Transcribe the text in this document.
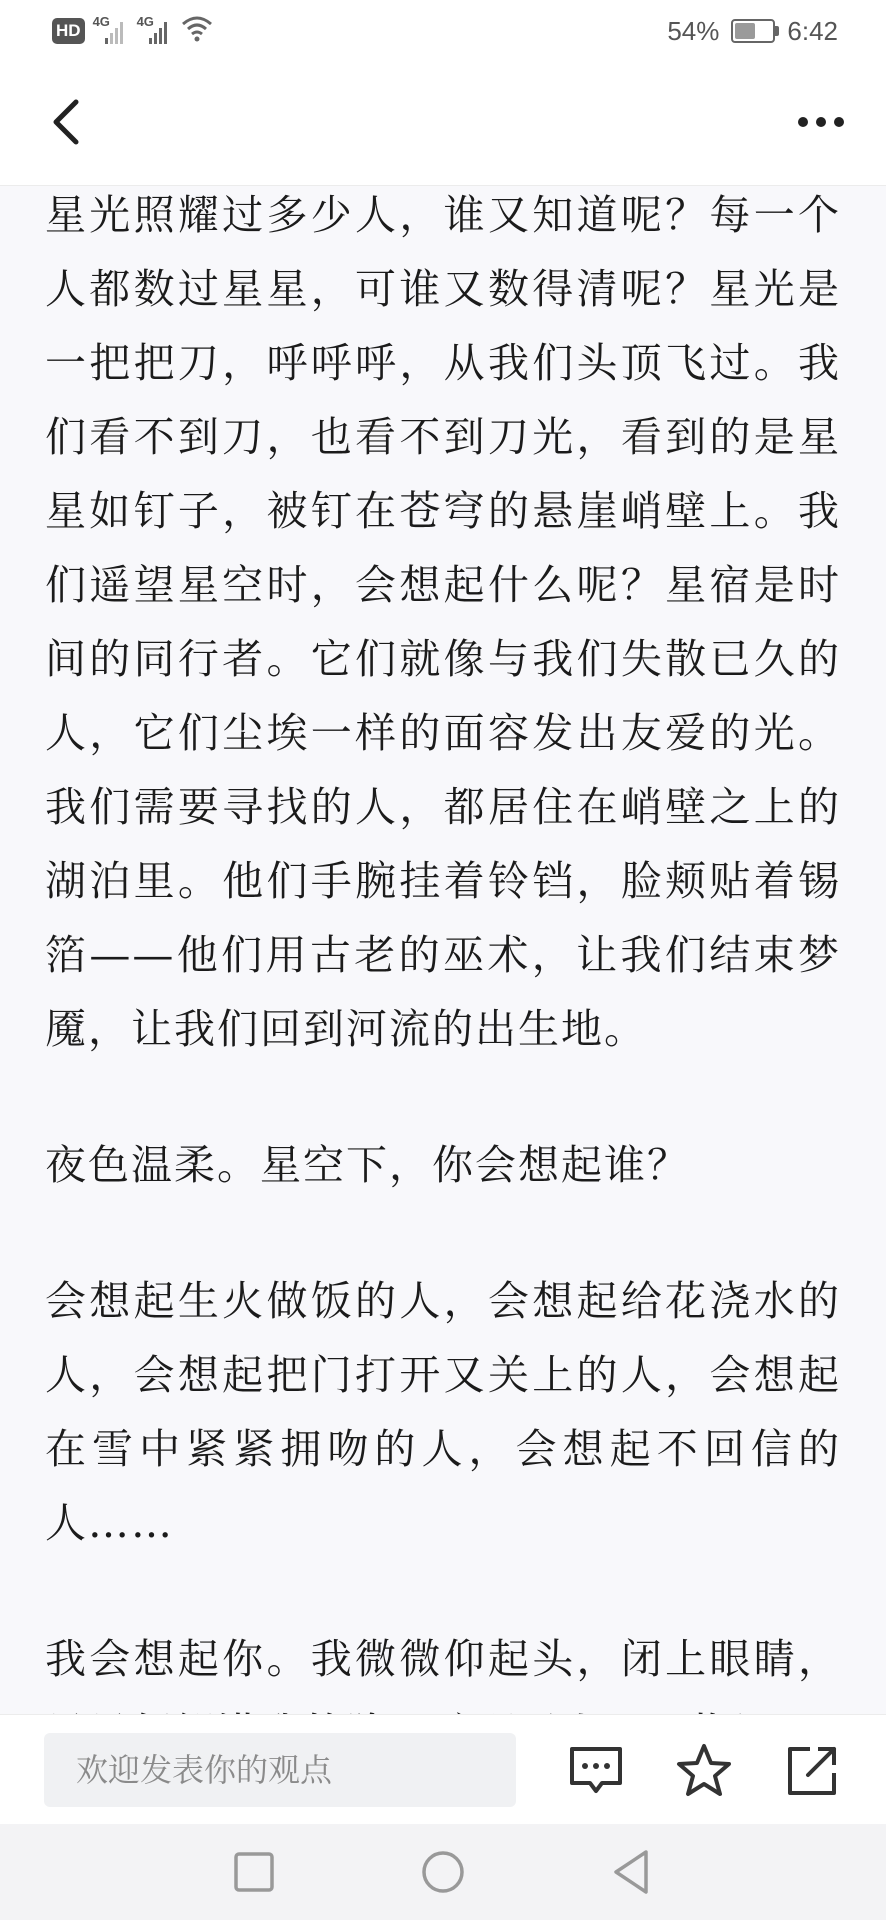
HD 4G 4G	54%	6:42

星光照耀过多少人，谁又知道呢？每一个人都数过星星，可谁又数得清呢？星光是一把把刀，呼呼呼，从我们头顶飞过。我们看不到刀，也看不到刀光，看到的是星星如钉子，被钉在苍穹的悬崖峭壁上。我们遥望星空时，会想起什么呢？星宿是时间的同行者。它们就像与我们失散已久的人，它们尘埃一样的面容发出友爱的光。我们需要寻找的人，都居住在峭壁之上的湖泊里。他们手腕挂着铃铛，脸颊贴着锡箔——他们用古老的巫术，让我们结束梦魇，让我们回到河流的出生地。

夜色温柔。星空下，你会想起谁？

会想起生火做饭的人，会想起给花浇水的人，会想起把门打开又关上的人，会想起在雪中紧紧拥吻的人，会想起不回信的人……

我会想起你。我微微仰起头，闭上眼睛，

欢迎发表你的观点
